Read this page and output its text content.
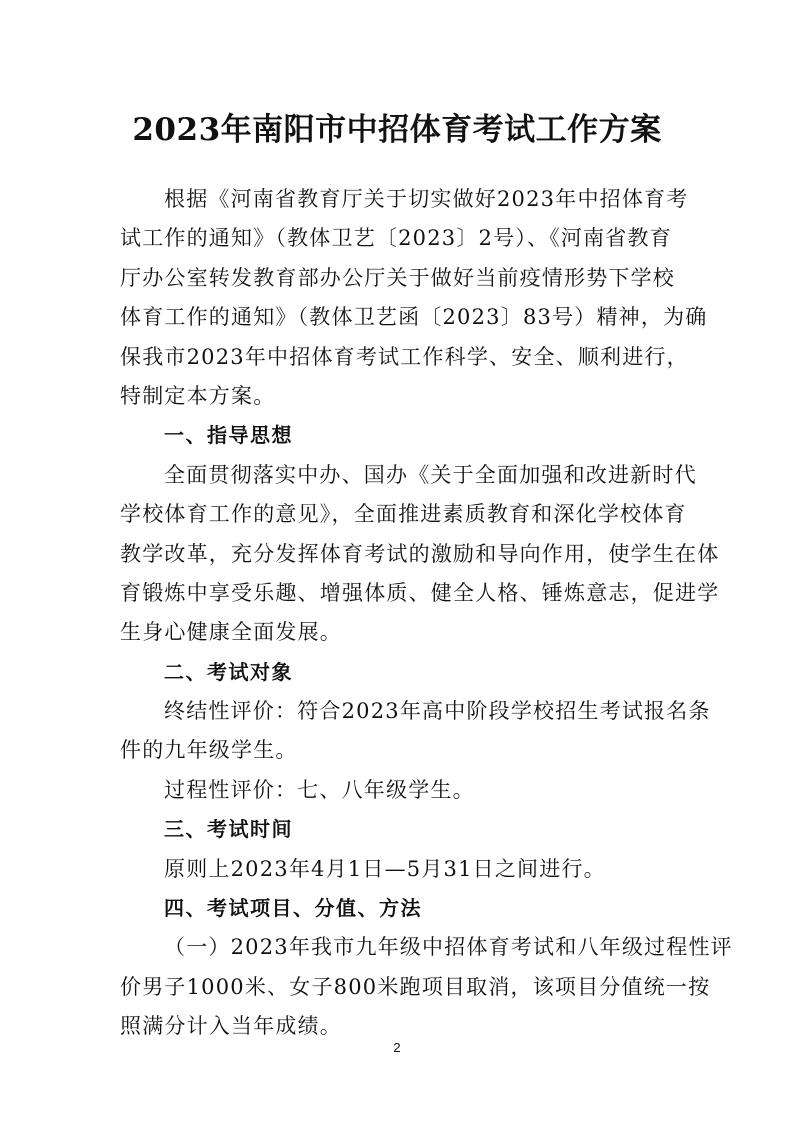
2023年南阳市中招体育考试工作方案
根据《河南省教育厅关于切实做好2023年中招体育考
试工作的通知》（教体卫艺〔2023〕2号）、《河南省教育
厅办公室转发教育部办公厅关于做好当前疫情形势下学校
体育工作的通知》（教体卫艺函〔2023〕83号）精神，为确
保我市2023年中招体育考试工作科学、安全、顺利进行，
特制定本方案。
一、指导思想
全面贯彻落实中办、国办《关于全面加强和改进新时代
学校体育工作的意见》，全面推进素质教育和深化学校体育
教学改革，充分发挥体育考试的激励和导向作用，使学生在体
育锻炼中享受乐趣、增强体质、健全人格、锤炼意志，促进学
生身心健康全面发展。
二、考试对象
终结性评价：符合2023年高中阶段学校招生考试报名条
件的九年级学生。
过程性评价：七、八年级学生。
三、考试时间
原则上2023年4月1日—5月31日之间进行。
四、考试项目、分值、方法
（一）2023年我市九年级中招体育考试和八年级过程性评
价男子1000米、女子800米跑项目取消，该项目分值统一按
照满分计入当年成绩。
2
